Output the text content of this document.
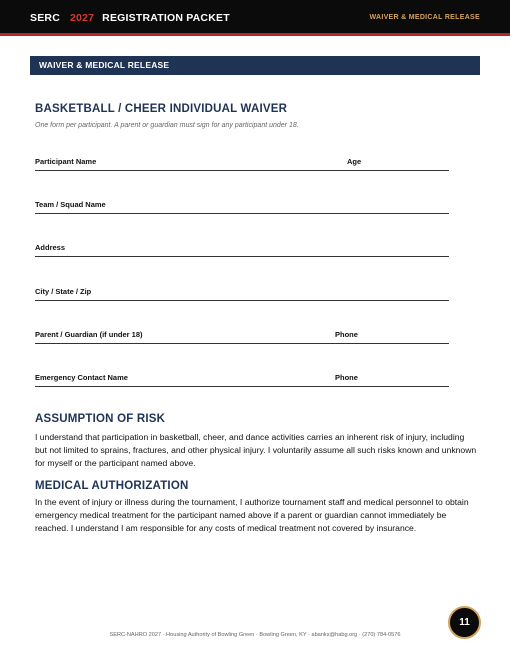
SERC 2027 REGISTRATION PACKET	WAIVER & MEDICAL RELEASE
WAIVER & MEDICAL RELEASE
BASKETBALL / CHEER INDIVIDUAL WAIVER
One form per participant. A parent or guardian must sign for any participant under 18.
Participant Name	Age
Team / Squad Name
Address
City / State / Zip
Parent / Guardian (if under 18)	Phone
Emergency Contact Name	Phone
ASSUMPTION OF RISK
I understand that participation in basketball, cheer, and dance activities carries an inherent risk of injury, including but not limited to sprains, fractures, and other physical injury. I voluntarily assume all such risks known and unknown for myself or the participant named above.
MEDICAL AUTHORIZATION
In the event of injury or illness during the tournament, I authorize tournament staff and medical personnel to obtain emergency medical treatment for the participant named above if a parent or guardian cannot immediately be reached. I understand I am responsible for any costs of medical treatment not covered by insurance.
11
SERC-NAHRO 2027 · Housing Authority of Bowling Green · Bowling Green, KY · abanks@habg.org · (270) 784-0576
